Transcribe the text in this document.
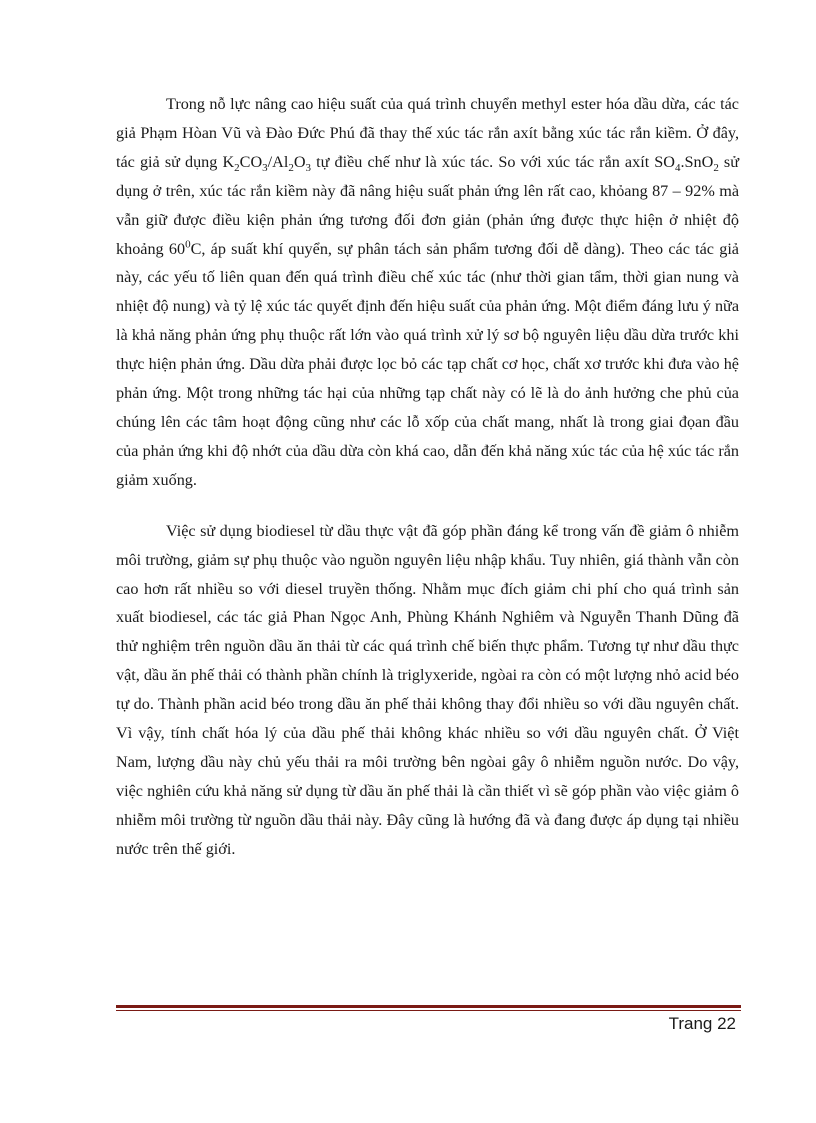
Trong nỗ lực nâng cao hiệu suất của quá trình chuyển methyl ester hóa dầu dừa, các tác giả Phạm Hòan Vũ và Đào Đức Phú đã thay thế xúc tác rắn axít bằng xúc tác rắn kiềm. Ở đây, tác giả sử dụng $K_2CO_3/Al_2O_3$ tự điều chế như là xúc tác. So với xúc tác rắn axít $SO_4.SnO_2$ sử dụng ở trên, xúc tác rắn kiềm này đã nâng hiệu suất phản ứng lên rất cao, khỏang 87 – 92% mà vẫn giữ được điều kiện phản ứng tương đối đơn giản (phản ứng được thực hiện ở nhiệt độ khoảng $60^0C$, áp suất khí quyển, sự phân tách sản phẩm tương đối dễ dàng). Theo các tác giả này, các yếu tố liên quan đến quá trình điều chế xúc tác (như thời gian tẩm, thời gian nung và nhiệt độ nung) và tỷ lệ xúc tác quyết định đến hiệu suất của phản ứng. Một điểm đáng lưu ý nữa là khả năng phản ứng phụ thuộc rất lớn vào quá trình xử lý sơ bộ nguyên liệu dầu dừa trước khi thực hiện phản ứng. Dầu dừa phải được lọc bỏ các tạp chất cơ học, chất xơ trước khi đưa vào hệ phản ứng. Một trong những tác hại của những tạp chất này có lẽ là do ảnh hưởng che phủ của chúng lên các tâm hoạt động cũng như các lỗ xốp của chất mang, nhất là trong giai đọan đầu của phản ứng khi độ nhớt của dầu dừa còn khá cao, dẫn đến khả năng xúc tác của hệ xúc tác rắn giảm xuống.

Việc sử dụng biodiesel từ dầu thực vật đã góp phần đáng kể trong vấn đề giảm ô nhiễm môi trường, giảm sự phụ thuộc vào nguồn nguyên liệu nhập khẩu. Tuy nhiên, giá thành vẫn còn cao hơn rất nhiều so với diesel truyền thống. Nhằm mục đích giảm chi phí cho quá trình sản xuất biodiesel, các tác giả Phan Ngọc Anh, Phùng Khánh Nghiêm và Nguyễn Thanh Dũng đã thử nghiệm trên nguồn dầu ăn thải từ các quá trình chế biến thực phẩm. Tương tự như dầu thực vật, dầu ăn phế thải có thành phần chính là triglyxeride, ngòai ra còn có một lượng nhỏ acid béo tự do. Thành phần acid béo trong dầu ăn phế thải không thay đổi nhiều so với dầu nguyên chất. Vì vậy, tính chất hóa lý của dầu phế thải không khác nhiều so với dầu nguyên chất. Ở Việt Nam, lượng dầu này chủ yếu thải ra môi trường bên ngòai gây ô nhiễm nguồn nước. Do vậy, việc nghiên cứu khả năng sử dụng từ dầu ăn phế thải là cần thiết vì sẽ góp phần vào việc giảm ô nhiễm môi trường từ nguồn dầu thải này. Đây cũng là hướng đã và đang được áp dụng tại nhiều nước trên thế giới.

Trang 22
